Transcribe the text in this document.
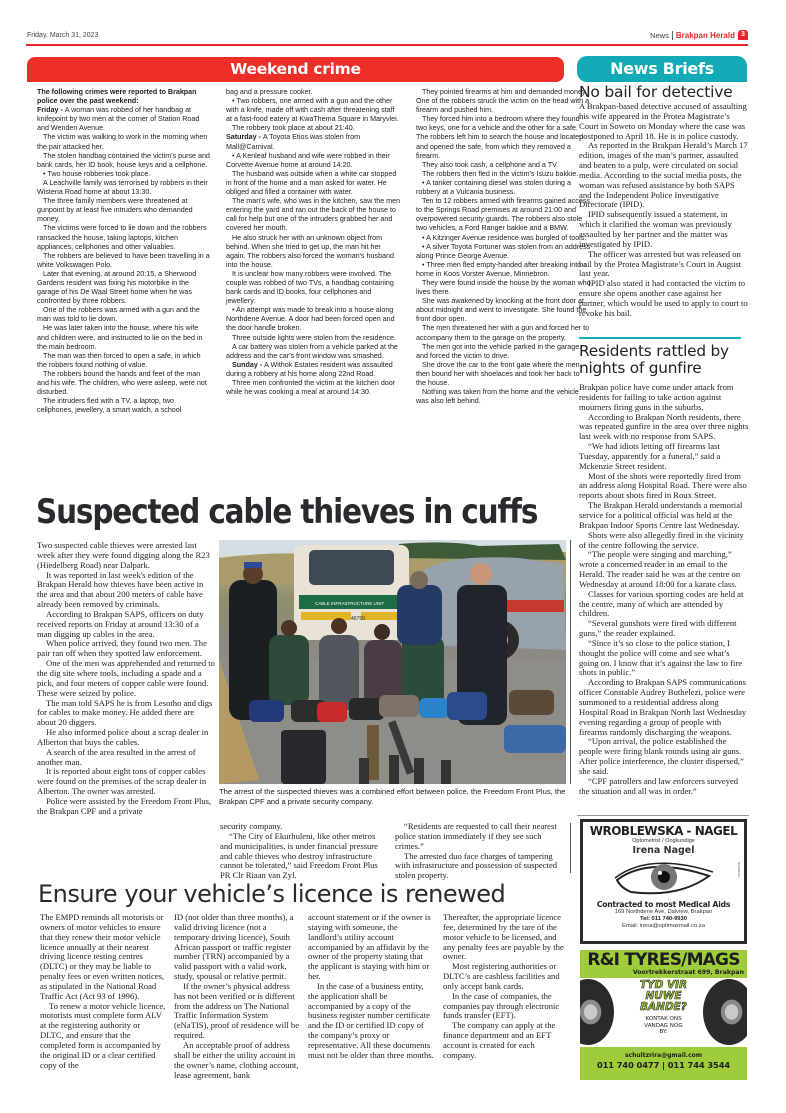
Friday, March 31, 2023	News Brakpan Herald 3
Weekend crime	News Briefs

The following crimes were reported to Brakpan police over the past weekend:

Friday - A woman was robbed of her handbag at knifepoint by two men at the corner of Station Road and Wenden Avenue.

The victim was walking to work in the morning when the pair attacked her.

The stolen handbag contained the victim's purse and bank cards, her ID book, house keys and a cellphone.

• Two house robberies took place.

A Leachville family was terrorised by robbers in their Wisteria Road home at about 13:30.

The three family members were threatened at gunpoint by at least five intruders who demanded money.

The victims were forced to lie down and the robbers ransacked the house, taking laptops, kitchen appliances, cellphones and other valuables.

The robbers are believed to have been travelling in a white Volkswagen Polo.

Later that evening, at around 20:15, a Sherwood Gardens resident was fixing his motorbike in the garage of his De Waal Street home when he was confronted by three robbers.

One of the robbers was armed with a gun and the man was told to lie down.

He was later taken into the house, where his wife and children were, and instructed to lie on the bed in the main bedroom.

The man was then forced to open a safe, in which the robbers found nothing of value.

The robbers bound the hands and feet of the man and his wife. The children, who were asleep, were not disturbed.

The intruders fled with a TV, a laptop, two cellphones, jewellery, a smart watch, a school

bag and a pressure cooker.

• Two robbers, one armed with a gun and the other with a knife, made off with cash after threatening staff at a fast-food eatery at KwaThema Square in Maryvlei.

The robbery took place at about 21:40.

Saturday - A Toyota Etios was stolen from Mall@Carnival.

• A Kenleaf husband and wife were robbed in their Corvette Avenue home at around 14:20.

The husband was outside when a white car stopped in front of the home and a man asked for water. He obliged and filled a container with water.

The man's wife, who was in the kitchen, saw the men entering the yard and ran out the back of the house to call for help but one of the intruders grabbed her and covered her mouth.

He also struck her with an unknown object from behind. When she tried to get up, the man hit her again. The robbers also forced the woman's husband into the house.

It is unclear how many robbers were involved. The couple was robbed of two TVs, a handbag containing bank cards and ID books, four cellphones and jewellery.

• An attempt was made to break into a house along Northdene Avenue. A door had been forced open and the door handle broken.

Three outside lights were stolen from the residence.

A car battery was stolen from a vehicle parked at the address and the car's front window was smashed.

Sunday - A Withok Estates resident was assaulted during a robbery at his home along 22nd Road.

Three men confronted the victim at the kitchen door while he was cooking a meal at around 14:30.

They pointed firearms at him and demanded money. One of the robbers struck the victim on the head with a firearm and pushed him.

They forced him into a bedroom where they found two keys, one for a vehicle and the other for a safe. The robbers left him to search the house and located and opened the safe, from which they removed a firearm.

They also took cash, a cellphone and a TV.

The robbers then fled in the victim's Isuzu bakkie.

• A tanker containing diesel was stolen during a robbery at a Vulcania business.

Ten to 12 robbers armed with firearms gained access to the Springs Road premises at around 21:00 and overpowered security guards. The robbers also stole two vehicles, a Ford Ranger bakkie and a BMW.

• A Kitzinger Avenue residence was burgled of tools.

• A silver Toyota Fortuner was stolen from an address along Prince George Avenue.

• Three men fled empty-handed after breaking into a home in Koos Vorster Avenue, Minnebron.

They were found inside the house by the woman who lives there.

She was awakened by knocking at the front door at about midnight and went to investigate. She found the front door open.

The men threatened her with a gun and forced her to accompany them to the garage on the property.

The men got into the vehicle parked in the garage and forced the victim to drive.

She drove the car to the front gate where the men then bound her with shoelaces and took her back to the house.

Nothing was taken from the home and the vehicle was also left behind.

Suspected cable thieves in cuffs

Two suspected cable thieves were arrested last week after they were found digging along the R23 (Hiedelberg Road) near Dalpark.

It was reported in last week's edition of the Brakpan Herald how thieves have been active in the area and that about 200 meters of cable have already been removed by criminals.

According to Brakpan SAPS, officers on duty received reports on Friday at around 13:30 of a man digging up cables in the area.

When police arrived, they found two men. The pair ran off when they spotted law enforcement.

One of the men was apprehended and returned to the dig site where tools, including a spade and a pick, and four meters of copper cable were found. These were seized by police.

The man told SAPS he is from Lesotho and digs for cables to make money. He added there are about 20 diggers.

He also informed police about a scrap dealer in Alberton that buys the cables.

A search of the area resulted in the arrest of another man.

It is reported about eight tons of copper cables were found on the premises of the scrap dealer in Alberton. The owner was arrested.

Police were assisted by the Freedom Front Plus, the Brakpan CPF and a private

CABLE INFRASTRUCTURE UNIT
46750
The arrest of the suspected thieves was a combined effort between police, the Freedom Front Plus, the Brakpan CPF and a private security company.

security company.

“The City of Ekurhuleni, like other metros and municipalities, is under financial pressure and cable thieves who destroy infrastructure cannot be tolerated,” said Freedom Front Plus PR Clr Riaan van Zyl.

“Residents are requested to call their nearest police station immediately if they see such crimes.”

The arrested duo face charges of tampering with infrastructure and possession of suspected stolen property.

Ensure your vehicle’s licence is renewed

The EMPD reminds all motorists or owners of motor vehicles to ensure that they renew their motor vehicle licence annually at their nearest driving licence testing centres (DLTC) or they may be liable to penalty fees or even written notices, as stipulated in the National Road Traffic Act (Act 93 of 1996).

To renew a motor vehicle licence, motorists must complete form ALV at the registering authority or DLTC, and ensure that the completed form is accompanied by the original ID or a clear certified copy of the

ID (not older than three months), a valid driving licence (not a temporary driving licence), South African passport or traffic register number (TRN) accompanied by a valid passport with a valid work, study, spousal or relative permit.

If the owner’s physical address has not been verified or is different from the address on The National Traffic Information System (eNaTIS), proof of residence will be required.

An acceptable proof of address shall be either the utility account in the owner’s name, clothing account, lease agreement, bank

account statement or if the owner is staying with someone, the landlord’s utility account accompanied by an affidavit by the owner of the property stating that the applicant is staying with him or her.

In the case of a business entity, the application shall be accompanied by a copy of the business register number certificate and the ID or certified ID copy of the company’s proxy or representative. All these documents must not be older than three months.

Thereafter, the appropriate licence fee, determined by the tare of the motor vehicle to be licensed, and any penalty fees are payable by the owner.

Most registering authorities or DLTC’s are cashless facilities and only accept bank cards.

In the case of companies, the companies pay through electronic funds transfer (EFT).

The company can apply at the finance department and an EFT account is created for each company.

No bail for detective

A Brakpan-based detective accused of assaulting his wife appeared in the Protea Magistrate’s Court in Soweto on Monday where the case was postponed to April 18. He is in police custody.

As reported in the Brakpan Herald’s March 17 edition, images of the man’s partner, assaulted and beaten to a pulp, were circulated on social media. According to the social media posts, the woman was refused assistance by both SAPS and the Independent Police Investigative Directorate (IPID).

IPID subsequently issued a statement, in which it clarified the woman was previously assaulted by her partner and the matter was investigated by IPID.

The officer was arrested but was released on bail by the Protea Magistrate’s Court in August last year.

IPID also stated it had contacted the victim to ensure she opens another case against her partner, which would be used to apply to court to revoke his bail.

Residents rattled by
nights of gunfire

Brakpan police have come under attack from residents for failing to take action against mourners firing guns in the suburbs.

According to Brakpan North residents, there was repeated gunfire in the area over three nights last week with no response from SAPS.

“We had idiots letting off firearms last Tuesday, apparently for a funeral,” said a Mckenzie Street resident.

Most of the shots were reportedly fired from an address along Hospital Road. There were also reports about shots fired in Roux Street.

The Brakpan Herald understands a memorial service for a political official was held at the Brakpan Indoor Sports Centre last Wednesday.

Shots were also allegedly fired in the vicinity of the centre following the service.

“The people were singing and marching,” wrote a concerned reader in an email to the Herald. The reader said he was at the centre on Wednesday at around 18:00 for a karate class.

Classes for various sporting codes are held at the centre, many of which are attended by children.

“Several gunshots were fired with different guns,” the reader explained.

“Since it’s so close to the police station, I thought the police will come and see what’s going on. I know that it’s against the law to fire shots in public.”

According to Brakpan SAPS communications officer Constable Audrey Buthelezi, police were summoned to a residential address along Hospital Road in Brakpan North last Wednesday evening regarding a group of people with firearms randomly discharging the weapons.

“Upon arrival, the police established the people were firing blank rounds using air guns. After police interference, the cluster dispersed,” she said.

“CPF patrollers and law enforcers surveyed the situation and all was in order.”

WROBLEWSKA - NAGEL
Optometrist / Oogkundige
Irena Nagel
Contracted to most Medical Aids
169 Northdene Ave, Dalview, Brakpan
Tel: 011 740-9930
Email: irena@optimaxmail.co.za
NOTEBTE1
R&I TYRES/MAGS
Voortrekkerstraat 699, Brakpan
TYD VIR
NUWE
BANDE?
KONTAK ONS
VANDAG NOG
BY:
schultzrira@gmail.com
011 740 0477 | 011 744 3544
